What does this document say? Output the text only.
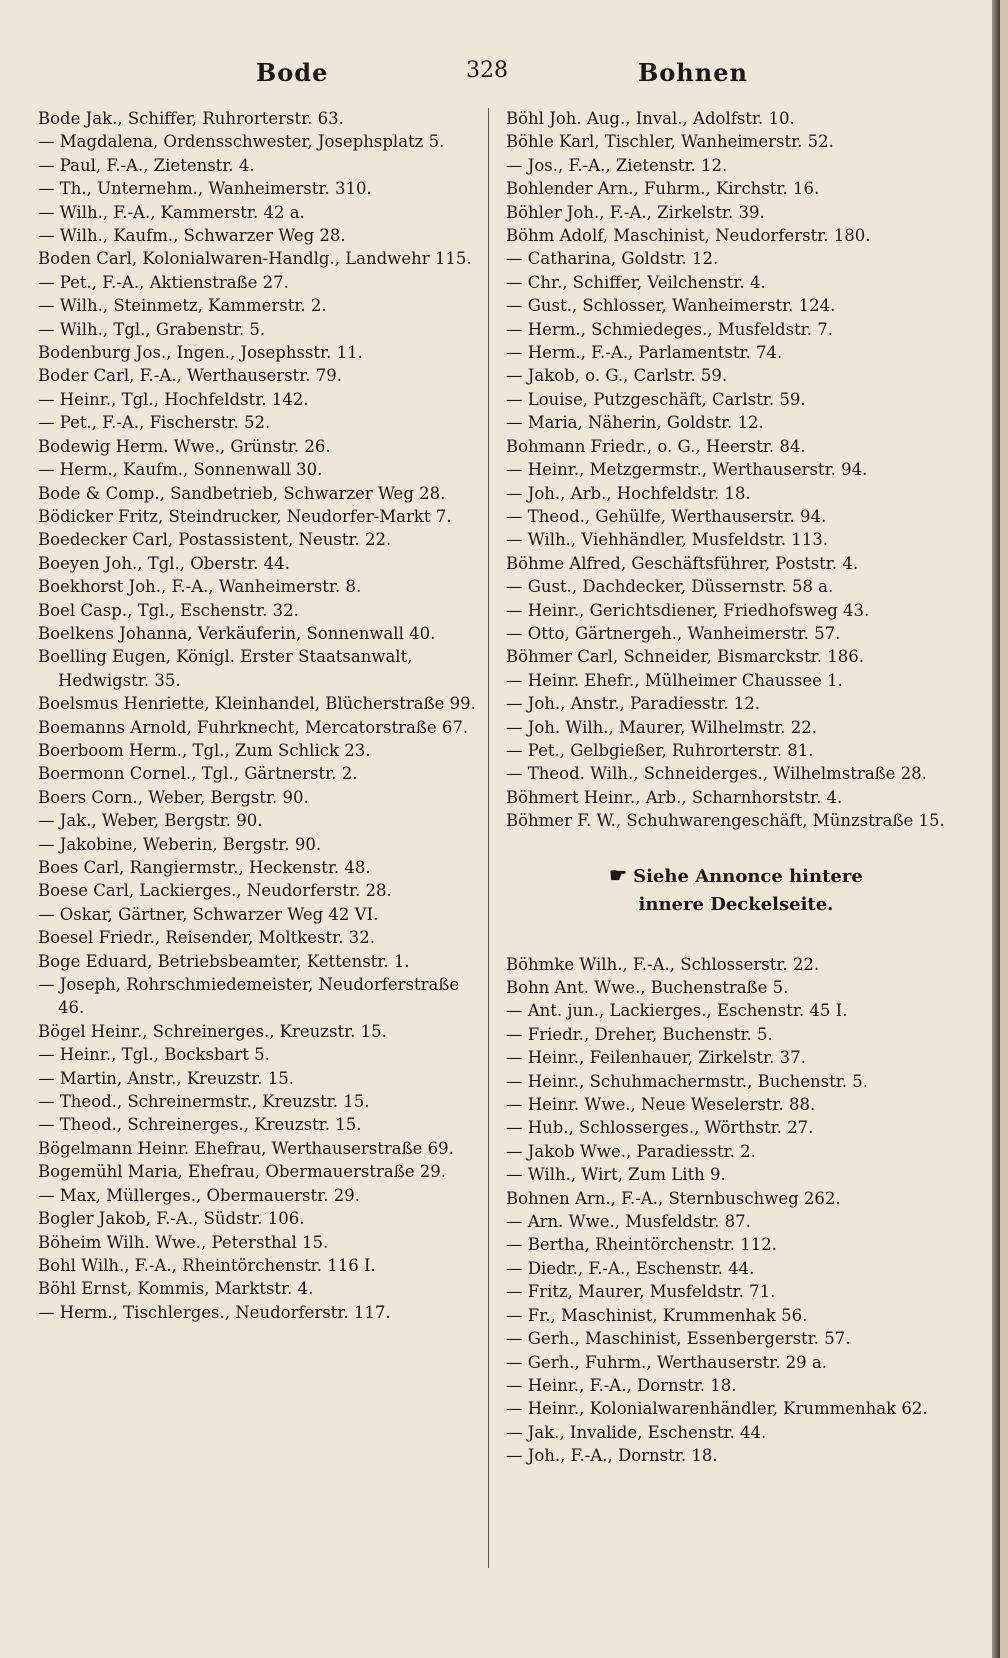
Bode	328	Bohnen

Bode Jak., Schiffer, Ruhrorterstr. 63.

— Magdalena, Ordensschwester, Josephsplatz 5.

— Paul, F.-A., Zietenstr. 4.

— Th., Unternehm., Wanheimerstr. 310.

— Wilh., F.-A., Kammerstr. 42 a.

— Wilh., Kaufm., Schwarzer Weg 28.

Boden Carl, Kolonialwaren-Handlg., Landwehr 115.

— Pet., F.-A., Aktienstraße 27.

— Wilh., Steinmetz, Kammerstr. 2.

— Wilh., Tgl., Grabenstr. 5.

Bodenburg Jos., Ingen., Josephsstr. 11.

Boder Carl, F.-A., Werthauserstr. 79.

— Heinr., Tgl., Hochfeldstr. 142.

— Pet., F.-A., Fischerstr. 52.

Bodewig Herm. Wwe., Grünstr. 26.

— Herm., Kaufm., Sonnenwall 30.

Bode & Comp., Sandbetrieb, Schwarzer Weg 28.

Bödicker Fritz, Steindrucker, Neudorfer-Markt 7.

Boedecker Carl, Postassistent, Neustr. 22.

Boeyen Joh., Tgl., Oberstr. 44.

Boekhorst Joh., F.-A., Wanheimerstr. 8.

Boel Casp., Tgl., Eschenstr. 32.

Boelkens Johanna, Verkäuferin, Sonnenwall 40.

Boelling Eugen, Königl. Erster Staatsanwalt, Hedwigstr. 35.

Boelsmus Henriette, Kleinhandel, Blücherstraße 99.

Boemanns Arnold, Fuhrknecht, Mercatorstraße 67.

Boerboom Herm., Tgl., Zum Schlick 23.

Boermonn Cornel., Tgl., Gärtnerstr. 2.

Boers Corn., Weber, Bergstr. 90.

— Jak., Weber, Bergstr. 90.

— Jakobine, Weberin, Bergstr. 90.

Boes Carl, Rangiermstr., Heckenstr. 48.

Boese Carl, Lackierges., Neudorferstr. 28.

— Oskar, Gärtner, Schwarzer Weg 42 VI.

Boesel Friedr., Reisender, Moltkestr. 32.

Boge Eduard, Betriebsbeamter, Kettenstr. 1.

— Joseph, Rohrschmiedemeister, Neudorferstraße 46.

Bögel Heinr., Schreinerges., Kreuzstr. 15.

— Heinr., Tgl., Bocksbart 5.

— Martin, Anstr., Kreuzstr. 15.

— Theod., Schreinermstr., Kreuzstr. 15.

— Theod., Schreinerges., Kreuzstr. 15.

Bögelmann Heinr. Ehefrau, Werthauserstraße 69.

Bogemühl Maria, Ehefrau, Obermauerstraße 29.

— Max, Müllerges., Obermauerstr. 29.

Bogler Jakob, F.-A., Südstr. 106.

Böheim Wilh. Wwe., Petersthal 15.

Bohl Wilh., F.-A., Rheintörchenstr. 116 I.

Böhl Ernst, Kommis, Marktstr. 4.

— Herm., Tischlerges., Neudorferstr. 117.

Böhl Joh. Aug., Inval., Adolfstr. 10.

Böhle Karl, Tischler, Wanheimerstr. 52.

— Jos., F.-A., Zietenstr. 12.

Bohlender Arn., Fuhrm., Kirchstr. 16.

Böhler Joh., F.-A., Zirkelstr. 39.

Böhm Adolf, Maschinist, Neudorferstr. 180.

— Catharina, Goldstr. 12.

— Chr., Schiffer, Veilchenstr. 4.

— Gust., Schlosser, Wanheimerstr. 124.

— Herm., Schmiedeges., Musfeldstr. 7.

— Herm., F.-A., Parlamentstr. 74.

— Jakob, o. G., Carlstr. 59.

— Louise, Putzgeschäft, Carlstr. 59.

— Maria, Näherin, Goldstr. 12.

Bohmann Friedr., o. G., Heerstr. 84.

— Heinr., Metzgermstr., Werthauserstr. 94.

— Joh., Arb., Hochfeldstr. 18.

— Theod., Gehülfe, Werthauserstr. 94.

— Wilh., Viehhändler, Musfeldstr. 113.

Böhme Alfred, Geschäftsführer, Poststr. 4.

— Gust., Dachdecker, Düssernstr. 58 a.

— Heinr., Gerichtsdiener, Friedhofsweg 43.

— Otto, Gärtnergeh., Wanheimerstr. 57.

Böhmer Carl, Schneider, Bismarckstr. 186.

— Heinr. Ehefr., Mülheimer Chaussee 1.

— Joh., Anstr., Paradiesstr. 12.

— Joh. Wilh., Maurer, Wilhelmstr. 22.

— Pet., Gelbgießer, Ruhrorterstr. 81.

— Theod. Wilh., Schneiderges., Wilhelmstraße 28.

Böhmert Heinr., Arb., Scharnhorststr. 4.

Böhmer F. W., Schuhwarengeschäft, Münzstraße 15.

☛ Siehe Annonce hintere
innere Deckelseite.

Böhmke Wilh., F.-A., Schlosserstr. 22.

Bohn Ant. Wwe., Buchenstraße 5.

— Ant. jun., Lackierges., Eschenstr. 45 I.

— Friedr., Dreher, Buchenstr. 5.

— Heinr., Feilenhauer, Zirkelstr. 37.

— Heinr., Schuhmachermstr., Buchenstr. 5.

— Heinr. Wwe., Neue Weselerstr. 88.

— Hub., Schlosserges., Wörthstr. 27.

— Jakob Wwe., Paradiesstr. 2.

— Wilh., Wirt, Zum Lith 9.

Bohnen Arn., F.-A., Sternbuschweg 262.

— Arn. Wwe., Musfeldstr. 87.

— Bertha, Rheintörchenstr. 112.

— Diedr., F.-A., Eschenstr. 44.

— Fritz, Maurer, Musfeldstr. 71.

— Fr., Maschinist, Krummenhak 56.

— Gerh., Maschinist, Essenbergerstr. 57.

— Gerh., Fuhrm., Werthauserstr. 29 a.

— Heinr., F.-A., Dornstr. 18.

— Heinr., Kolonialwarenhändler, Krummenhak 62.

— Jak., Invalide, Eschenstr. 44.

— Joh., F.-A., Dornstr. 18.
